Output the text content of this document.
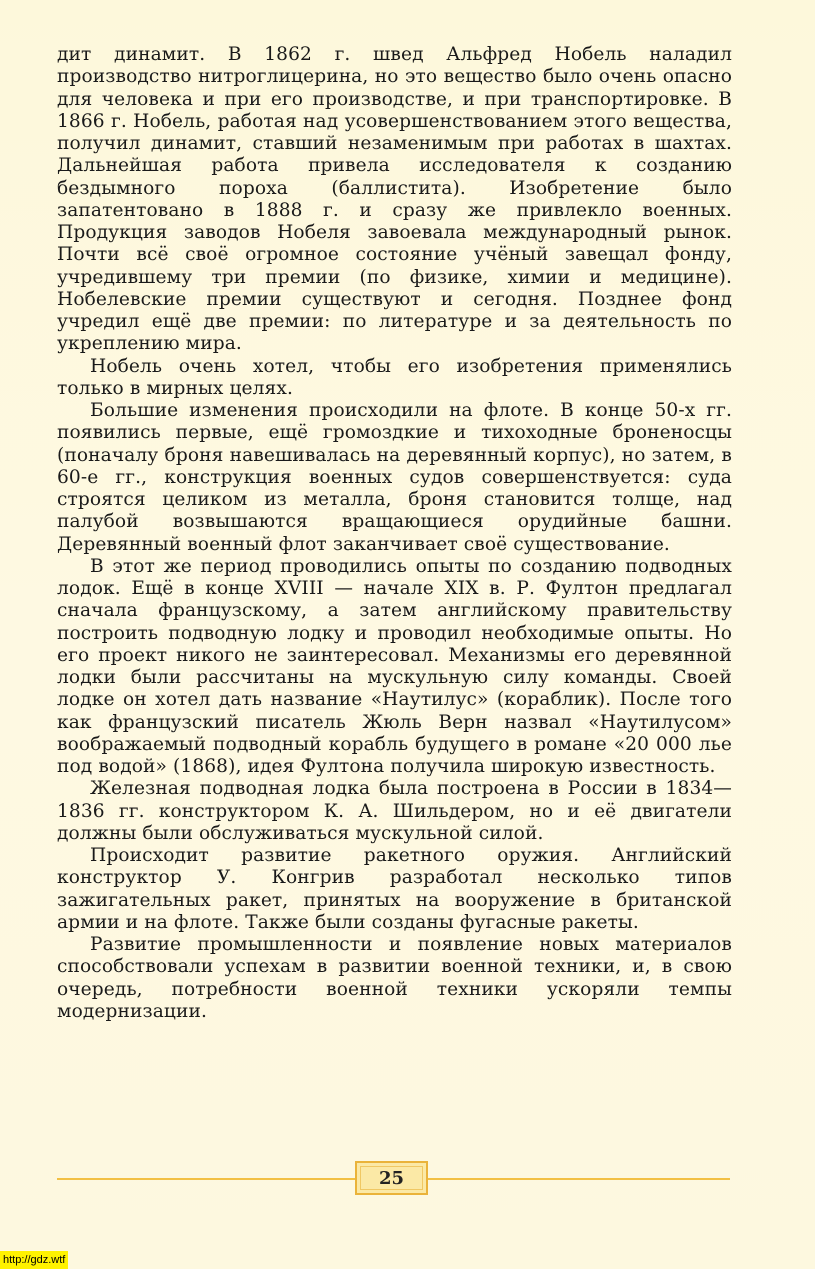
дит динамит. В 1862 г. швед Альфред Нобель наладил производство нитроглицерина, но это вещество было очень опасно для человека и при его производстве, и при транспортировке. В 1866 г. Нобель, работая над усовершенствованием этого вещества, получил динамит, ставший незаменимым при работах в шахтах. Дальнейшая работа привела исследователя к созданию бездымного пороха (баллистита). Изобретение было запатентовано в 1888 г. и сразу же привлекло военных. Продукция заводов Нобеля завоевала международный рынок. Почти всё своё огромное состояние учёный завещал фонду, учредившему три премии (по физике, химии и медицине). Нобелевские премии существуют и сегодня. Позднее фонд учредил ещё две премии: по литературе и за деятельность по укреплению мира.

Нобель очень хотел, чтобы его изобретения применялись только в мирных целях.

Большие изменения происходили на флоте. В конце 50-х гг. появились первые, ещё громоздкие и тихоходные броненосцы (поначалу броня навешивалась на деревянный корпус), но затем, в 60-е гг., конструкция военных судов совершенствуется: суда строятся целиком из металла, броня становится толще, над палубой возвышаются вращающиеся орудийные башни. Деревянный военный флот заканчивает своё существование.

В этот же период проводились опыты по созданию подводных лодок. Ещё в конце XVIII — начале XIX в. Р. Фултон предлагал сначала французскому, а затем английскому правительству построить подводную лодку и проводил необходимые опыты. Но его проект никого не заинтересовал. Механизмы его деревянной лодки были рассчитаны на мускульную силу команды. Своей лодке он хотел дать название «Наутилус» (кораблик). После того как французский писатель Жюль Верн назвал «Наутилусом» воображаемый подводный корабль будущего в романе «20 000 лье под водой» (1868), идея Фултона получила широкую известность.

Железная подводная лодка была построена в России в 1834—1836 гг. конструктором К. А. Шильдером, но и её двигатели должны были обслуживаться мускульной силой.

Происходит развитие ракетного оружия. Английский конструктор У. Конгрив разработал несколько типов зажигательных ракет, принятых на вооружение в британской армии и на флоте. Также были созданы фугасные ракеты.

Развитие промышленности и появление новых материалов способствовали успехам в развитии военной техники, и, в свою очередь, потребности военной техники ускоряли темпы модернизации.

25
http://gdz.wtf
